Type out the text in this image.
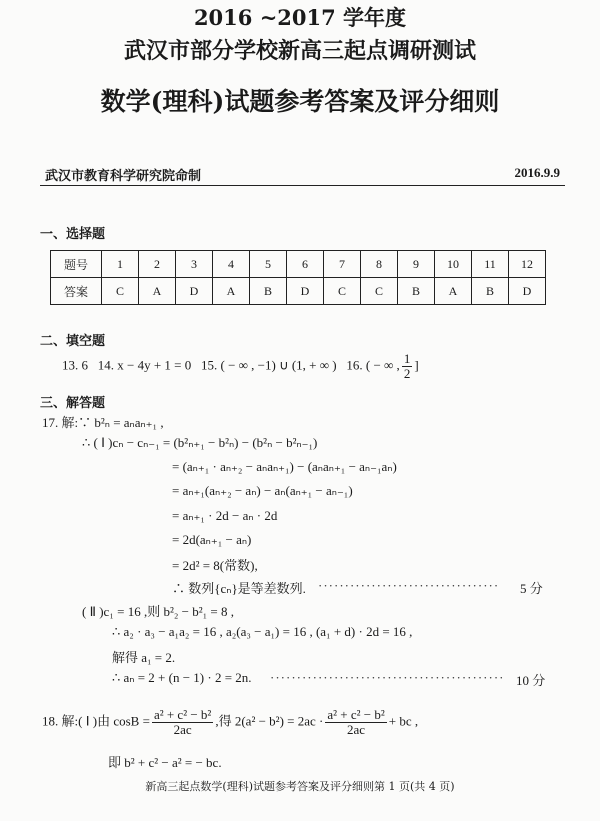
2016 ~2017 学年度
武汉市部分学校新高三起点调研测试
数学(理科)试题参考答案及评分细则
武汉市教育科学研究院命制	2016.9.9
一、选择题
题号	1	2	3	4	5	6	7	8	9	10	11	12
答案	C	A	D	A	B	D	C	C	B	A	B	D
二、填空题
13. 6 14. x − 4y + 1 = 0 15. ( − ∞ , −1) ∪ (1, + ∞ ) 16. ( − ∞ , $\frac{1}{2}$ ]
三、解答题
17. 解:∵ b²ₙ = aₙaₙ₊₁ ,
∴ ( Ⅰ )cₙ − cₙ₋₁ = (b²ₙ₊₁ − b²ₙ) − (b²ₙ − b²ₙ₋₁)
= (aₙ₊₁ · aₙ₊₂ − aₙaₙ₊₁) − (aₙaₙ₊₁ − aₙ₋₁aₙ)
= aₙ₊₁(aₙ₊₂ − aₙ) − aₙ(aₙ₊₁ − aₙ₋₁)
= aₙ₊₁ · 2d − aₙ · 2d
= 2d(aₙ₊₁ − aₙ)
= 2d² = 8(常数),
∴ 数列{cₙ}是等差数列. ·································· 5 分
( Ⅱ )c₁ = 16 ,则 b²₂ − b²₁ = 8 ,
∴ a₂ · a₃ − a₁a₂ = 16 , a₂(a₃ − a₁) = 16 , (a₁ + d) · 2d = 16 ,
解得 a₁ = 2.
∴ aₙ = 2 + (n − 1) · 2 = 2n. ············································ 10 分
18. 解:( Ⅰ )由 $\cos B = \frac{\text{a² + c² − b²}}{2ac}$ ,得 $2(a^2 - b^2) = 2ac \cdot \frac{\text{a² + c² − b²}}{2ac}$ + bc ,
即 b² + c² − a² = − bc.
新高三起点数学(理科)试题参考答案及评分细则第 1 页(共 4 页)
